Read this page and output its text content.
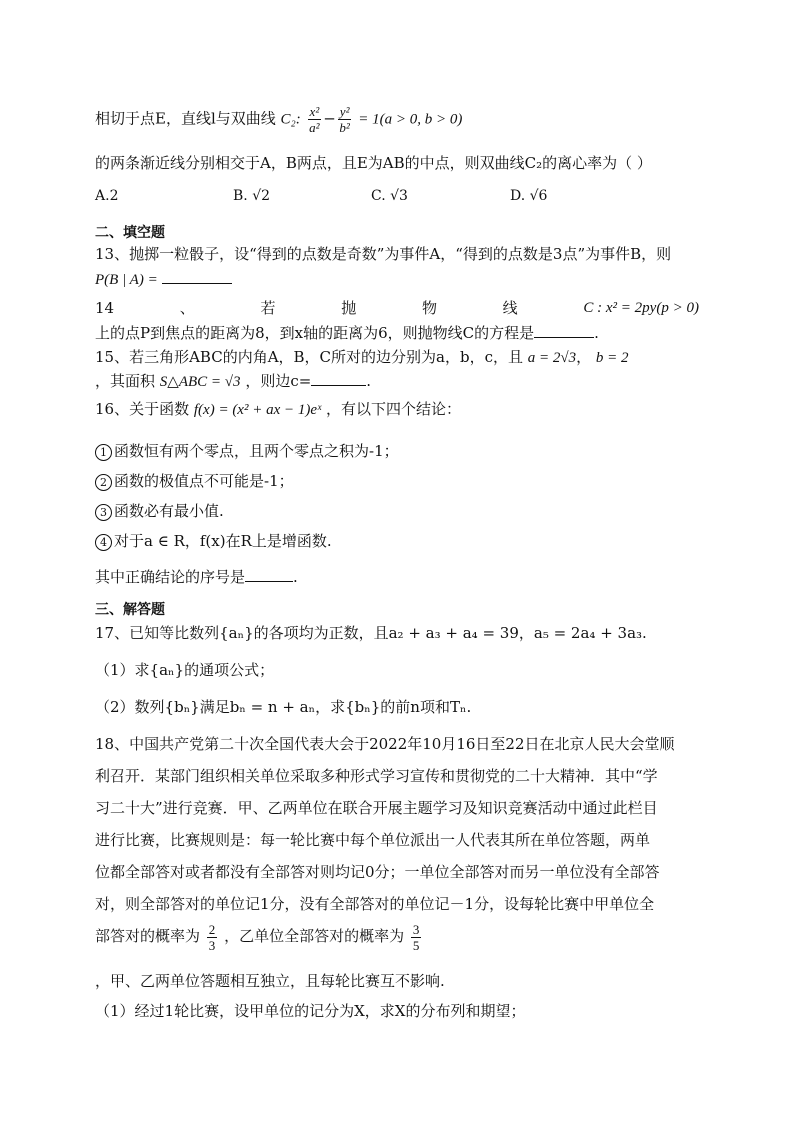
相切于点E，直线l与双曲线 C₂: $\frac{\text{x²}}{\text{a²}} - \frac{\text{y²}}{\text{b²}} = 1(a > 0$, b > 0)
的两条渐近线分别相交于A，B两点，且E为AB的中点，则双曲线C₂的离心率为（ ）
A.2	B. √2	C. √3	D. √6
二、填空题
13、抛掷一粒骰子，设“得到的点数是奇数”为事件A，“得到的点数是3点”为事件B，则
P(B | A) =
14	、	若	抛	物	线	C : x² = 2py(p > 0)
上的点P到焦点的距离为8，到x轴的距离为6，则抛物线C的方程是	.
15、若三角形ABC的内角A，B，C所对的边分别为a，b，c，且 a = 2√3， b = 2
，其面积 S△ABC = √3 ，则边c=	.
16、关于函数 f(x) = (x² + ax − 1)eˣ ，有以下四个结论：
1 函数恒有两个零点，且两个零点之积为-1；
2 函数的极值点不可能是-1；
3 函数必有最小值.
4 对于a ∈ R，f(x)在R上是增函数.
其中正确结论的序号是	.
三、解答题
17、已知等比数列{aₙ}的各项均为正数，且a₂ + a₃ + a₄ = 39，a₅ = 2a₄ + 3a₃.
（1）求{aₙ}的通项公式；
（2）数列{bₙ}满足bₙ = n + aₙ，求{bₙ}的前n项和Tₙ.
18、中国共产党第二十次全国代表大会于2022年10月16日至22日在北京人民大会堂顺
利召开．某部门组织相关单位采取多种形式学习宣传和贯彻党的二十大精神．其中“学
习二十大”进行竞赛．甲、乙两单位在联合开展主题学习及知识竞赛活动中通过此栏目
进行比赛，比赛规则是：每一轮比赛中每个单位派出一人代表其所在单位答题，两单
位都全部答对或者都没有全部答对则均记0分；一单位全部答对而另一单位没有全部答
对，则全部答对的单位记1分，没有全部答对的单位记－1分，设每轮比赛中甲单位全
部答对的概率为 $\frac{2}{3}$ ，乙单位全部答对的概率为 $\frac{3}{5}$
，甲、乙两单位答题相互独立，且每轮比赛互不影响.
（1）经过1轮比赛，设甲单位的记分为X，求X的分布列和期望；
